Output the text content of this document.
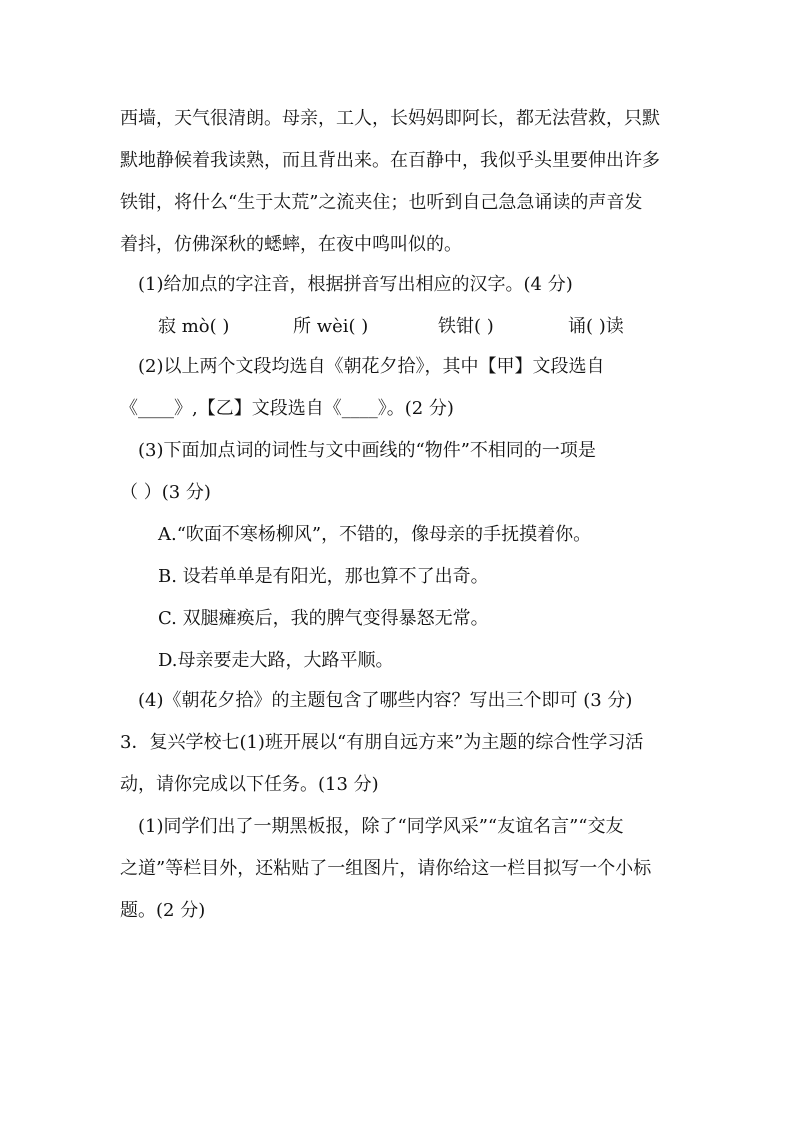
西墙，天气很清朗。母亲，工人，长妈妈即阿长，都无法营救，只默
默地静候着我读熟，而且背出来。在百静中，我似乎头里要伸出许多
铁钳，将什么“生于太荒”之流夹住；也听到自己急急诵读的声音发
着抖，仿佛深秋的蟋蟀，在夜中鸣叫似的。
(1)给加点的字注音，根据拼音写出相应的汉字。(4 分)
寂 mò( )	所 wèi( )	铁钳( )	诵( )读
(2)以上两个文段均选自《朝花夕拾》，其中【甲】文段选自
《____》,【乙】文段选自《____》。(2 分)
(3)下面加点词的词性与文中画线的“物件”不相同的一项是
（ ）(3 分)
A.“吹面不寒杨柳风”，不错的，像母亲的手抚摸着你。
B. 设若单单是有阳光，那也算不了出奇。
C. 双腿瘫痪后，我的脾气变得暴怒无常。
D.母亲要走大路，大路平顺。
(4)《朝花夕拾》的主题包含了哪些内容？写出三个即可 (3 分)
3．复兴学校七(1)班开展以“有朋自远方来”为主题的综合性学习活
动，请你完成以下任务。(13 分)
(1)同学们出了一期黑板报，除了“同学风采”“友谊名言”“交友
之道”等栏目外，还粘贴了一组图片，请你给这一栏目拟写一个小标
题。(2 分)
